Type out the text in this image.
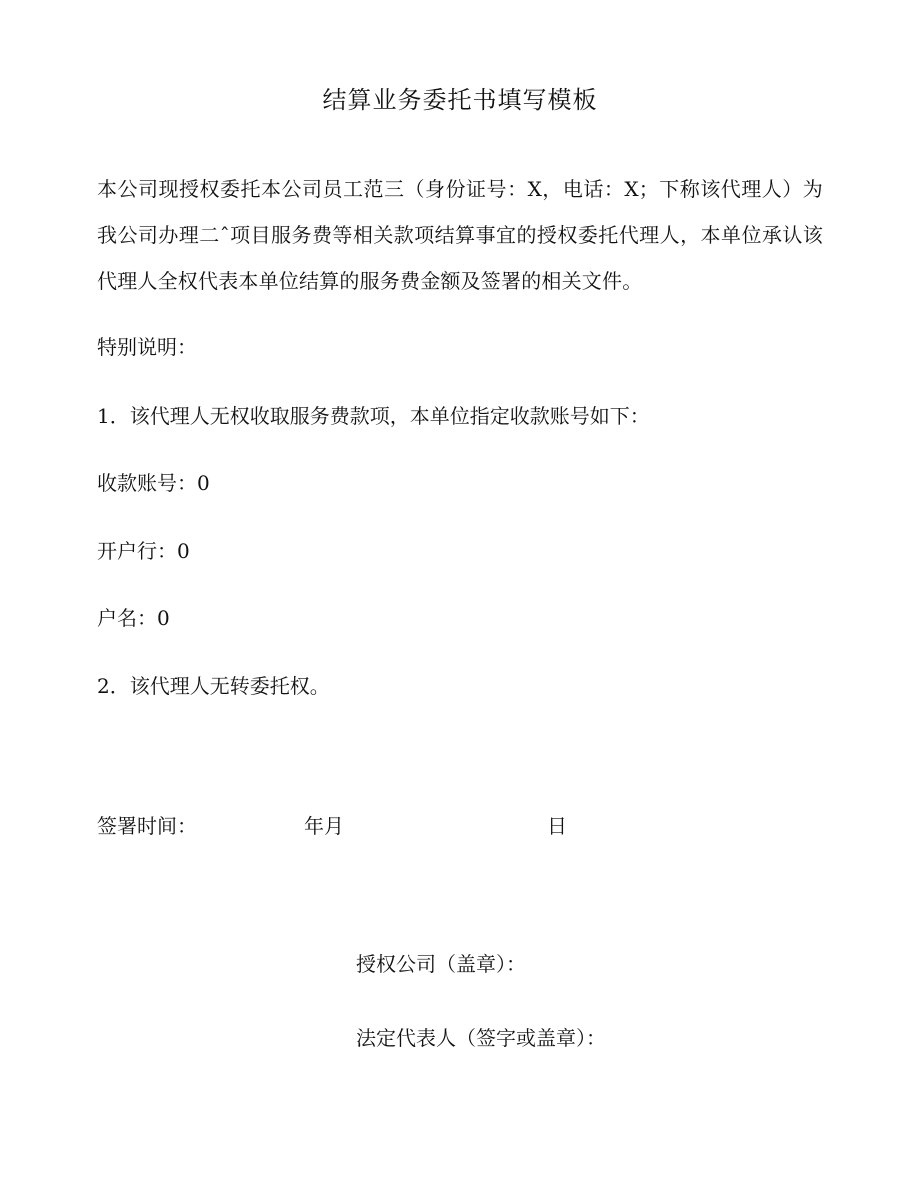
结算业务委托书填写模板
本公司现授权委托本公司员工范三（身份证号：X，电话：X；下称该代理人）为我公司办理二ˆ项目服务费等相关款项结算事宜的授权委托代理人，本单位承认该代理人全权代表本单位结算的服务费金额及签署的相关文件。
特别说明：
1．该代理人无权收取服务费款项，本单位指定收款账号如下：
收款账号：0
开户行：0
户名：0
2．该代理人无转委托权。
签署时间：	年月	日
授权公司（盖章）：
法定代表人（签字或盖章）：
